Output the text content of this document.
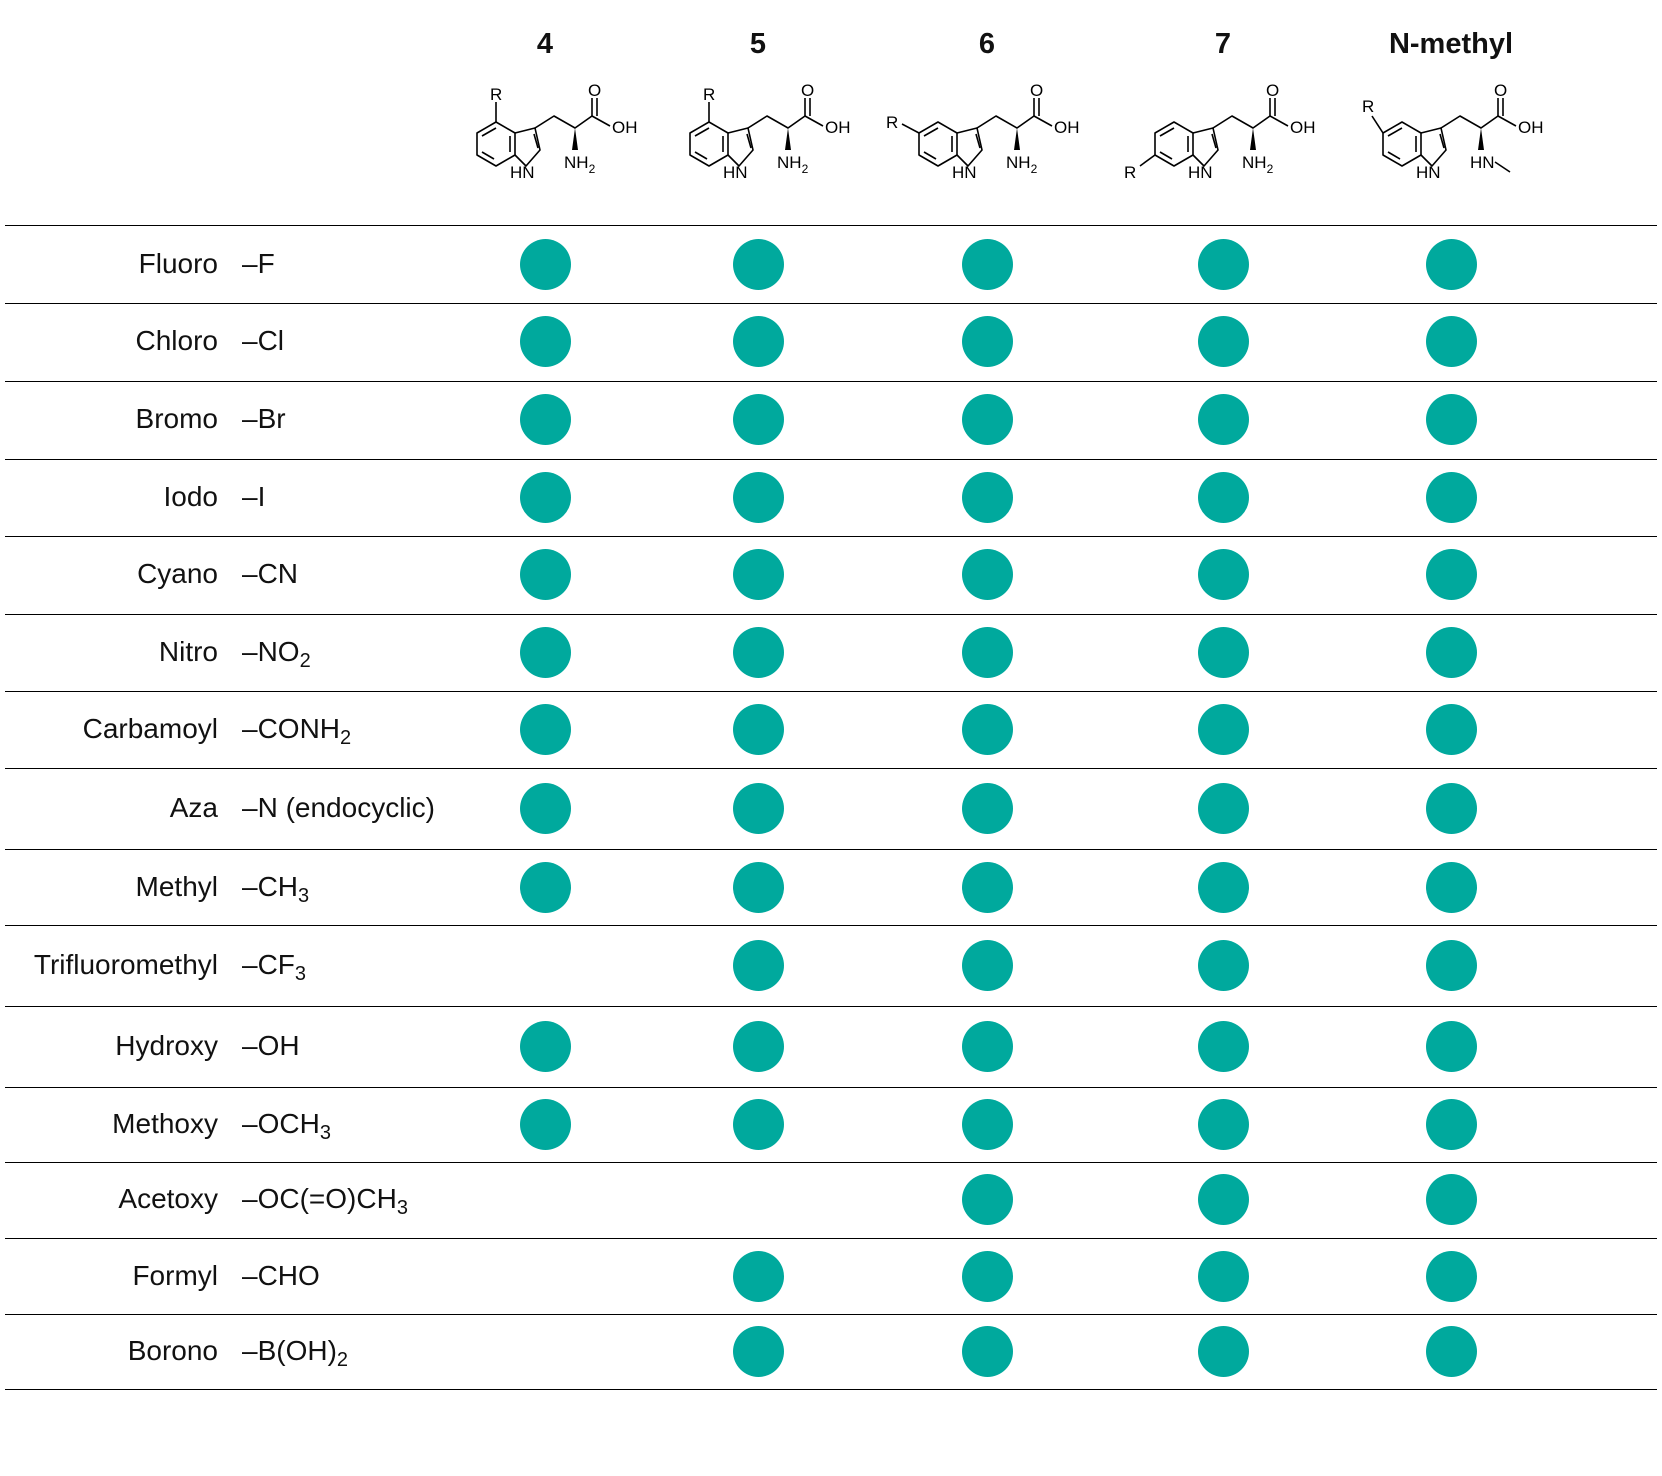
4
O
OH
HN
$NH_2$
R
5
O
OH
HN
$NH_2$
R
6
O
OH
HN
$NH_2$
R
7
O
OH
HN
$NH_2$
R
N-methyl
O
OH
HN
HN
R
Fluoro –F
Chloro –Cl
Bromo –Br
Iodo –I
Cyano –CN
Nitro $-NO_2$
Carbamoyl $-CONH_2$
Aza –N (endocyclic)
Methyl $-CH_3$
Trifluoromethyl $-CF_3$
Hydroxy –OH
Methoxy $-OCH_3$
Acetoxy $-OC(=O)CH_3$
Formyl –CHO
Borono $-B(OH)_2$
